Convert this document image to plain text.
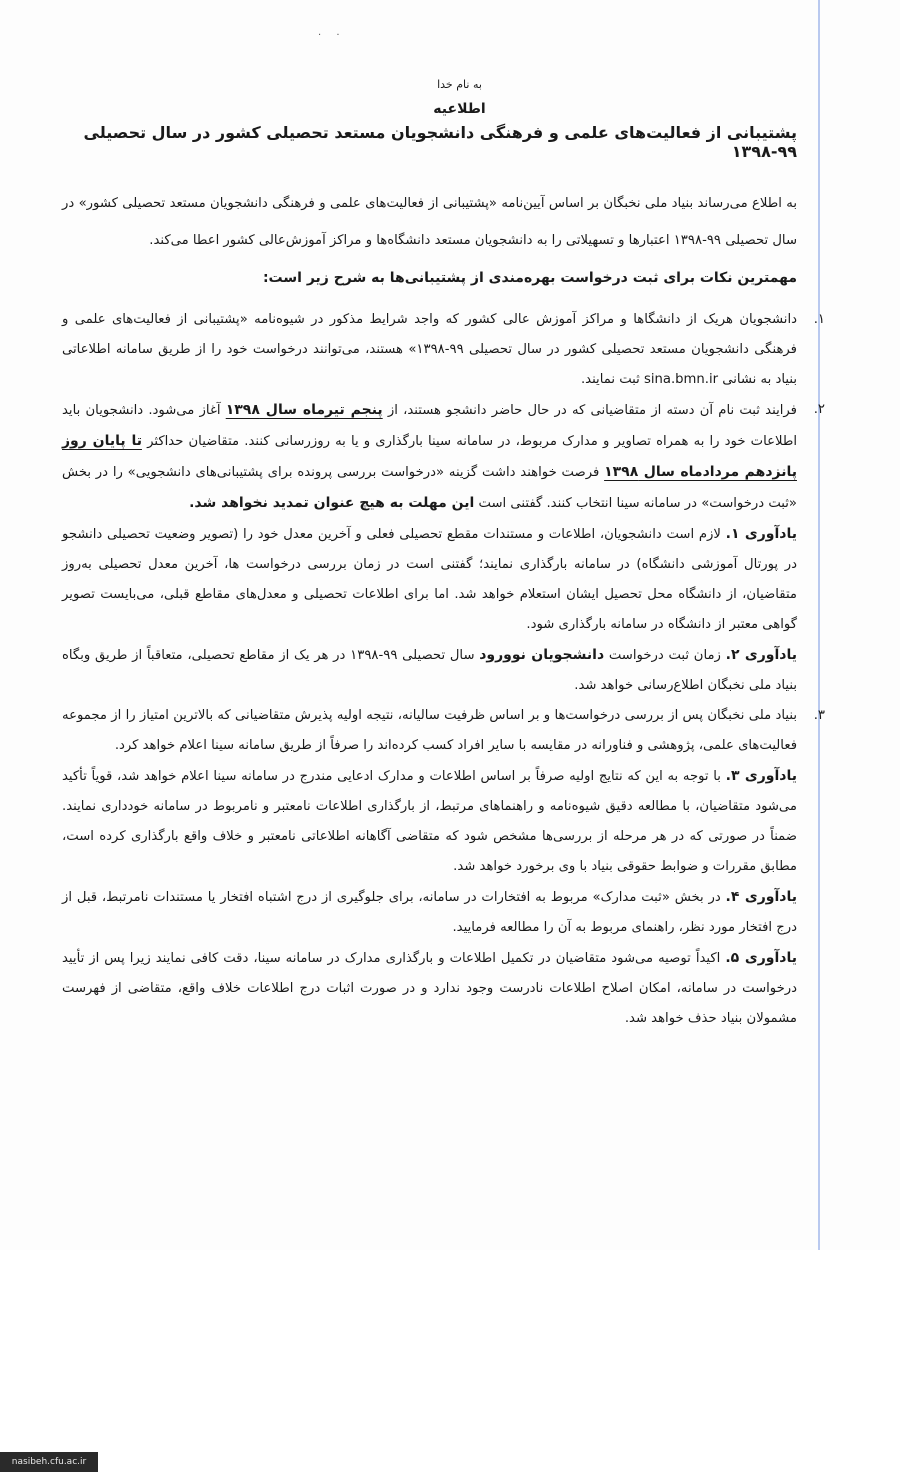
· ·
به نام خدا
اطلاعیه
پشتیبانی از فعالیت‌های علمی و فرهنگی دانشجویان مستعد تحصیلی کشور در سال تحصیلی ۹۹-۱۳۹۸

به اطلاع می‌رساند بنیاد ملی نخبگان بر اساس آیین‌نامه «پشتیبانی از فعالیت‌های علمی و فرهنگی دانشجویان مستعد تحصیلی کشور» در سال تحصیلی ۹۹-۱۳۹۸ اعتبارها و تسهیلاتی را به دانشجویان مستعد دانشگاه‌ها و مراکز آموزش‌عالی کشور اعطا می‌کند.

مهمترین نکات برای ثبت درخواست بهره‌مندی از پشتیبانی‌ها به شرح زیر است:

۱.
دانشجویان هریک از دانشگاها و مراکز آموزش عالی کشور که واجد شرایط مذکور در شیوه‌نامه «پشتیبانی از فعالیت‌های علمی و فرهنگی دانشجویان مستعد تحصیلی کشور در سال تحصیلی ۹۹-۱۳۹۸» هستند، می‌توانند درخواست خود را از طریق سامانه اطلاعاتی بنیاد به نشانی sina.bmn.ir ثبت نمایند.

۲.
فرایند ثبت نام آن دسته از متقاضیانی که در حال حاضر دانشجو هستند، از پنجم تیرماه سال ۱۳۹۸ آغاز می‌شود. دانشجویان باید اطلاعات خود را به همراه تصاویر و مدارک مربوط، در سامانه سینا بارگذاری و یا به روزرسانی کنند. متقاضیان حداکثر تا پایان روز پانزدهم مردادماه سال ۱۳۹۸ فرصت خواهند داشت گزینه «درخواست بررسی پرونده برای پشتیبانی‌های دانشجویی» را در بخش «ثبت درخواست» در سامانه سینا انتخاب کنند. گفتنی است این مهلت به هیچ عنوان تمدید نخواهد شد.

یادآوری ۱. لازم است دانشجویان، اطلاعات و مستندات مقطع تحصیلی فعلی و آخرین معدل خود را (تصویر وضعیت تحصیلی دانشجو در پورتال آموزشی دانشگاه) در سامانه بارگذاری نمایند؛ گفتنی است در زمان بررسی درخواست ها، آخرین معدل تحصیلی به‌روز متقاضیان، از دانشگاه محل تحصیل ایشان استعلام خواهد شد. اما برای اطلاعات تحصیلی و معدل‌های مقاطع قبلی، می‌بایست تصویر گواهی معتبر از دانشگاه در سامانه بارگذاری شود.

یادآوری ۲. زمان ثبت درخواست دانشجویان نوورود سال تحصیلی ۹۹-۱۳۹۸ در هر یک از مقاطع تحصیلی، متعاقباً از طریق وبگاه بنیاد ملی نخبگان اطلاع‌رسانی خواهد شد.

۳.
بنیاد ملی نخبگان پس از بررسی درخواست‌ها و بر اساس ظرفیت سالیانه، نتیجه اولیه پذیرش متقاضیانی که بالاترین امتیاز را از مجموعه فعالیت‌های علمی، پژوهشی و فناورانه در مقایسه با سایر افراد کسب کرده‌اند را صرفاً از طریق سامانه سینا اعلام خواهد کرد.

یادآوری ۳. با توجه به این که نتایج اولیه صرفاً بر اساس اطلاعات و مدارک ادعایی مندرج در سامانه سینا اعلام خواهد شد، قویاً تأکید می‌شود متقاضیان، با مطالعه دقیق شیوه‌نامه و راهنماهای مرتبط، از بارگذاری اطلاعات نامعتبر و نامربوط در سامانه خودداری نمایند. ضمناً در صورتی که در هر مرحله از بررسی‌ها مشخص شود که متقاضی آگاهانه اطلاعاتی نامعتبر و خلاف واقع بارگذاری کرده است، مطابق مقررات و ضوابط حقوقی بنیاد با وی برخورد خواهد شد.

یادآوری ۴. در بخش «ثبت مدارک» مربوط به افتخارات در سامانه، برای جلوگیری از درج اشتباه افتخار یا مستندات نامرتبط، قبل از درج افتخار مورد نظر، راهنمای مربوط به آن را مطالعه فرمایید.

یادآوری ۵. اکیداً توصیه می‌شود متقاضیان در تکمیل اطلاعات و بارگذاری مدارک در سامانه سینا، دقت کافی نمایند زیرا پس از تأیید درخواست در سامانه، امکان اصلاح اطلاعات نادرست وجود ندارد و در صورت اثبات درج اطلاعات خلاف واقع، متقاضی از فهرست مشمولان بنیاد حذف خواهد شد.

nasibeh.cfu.ac.ir
